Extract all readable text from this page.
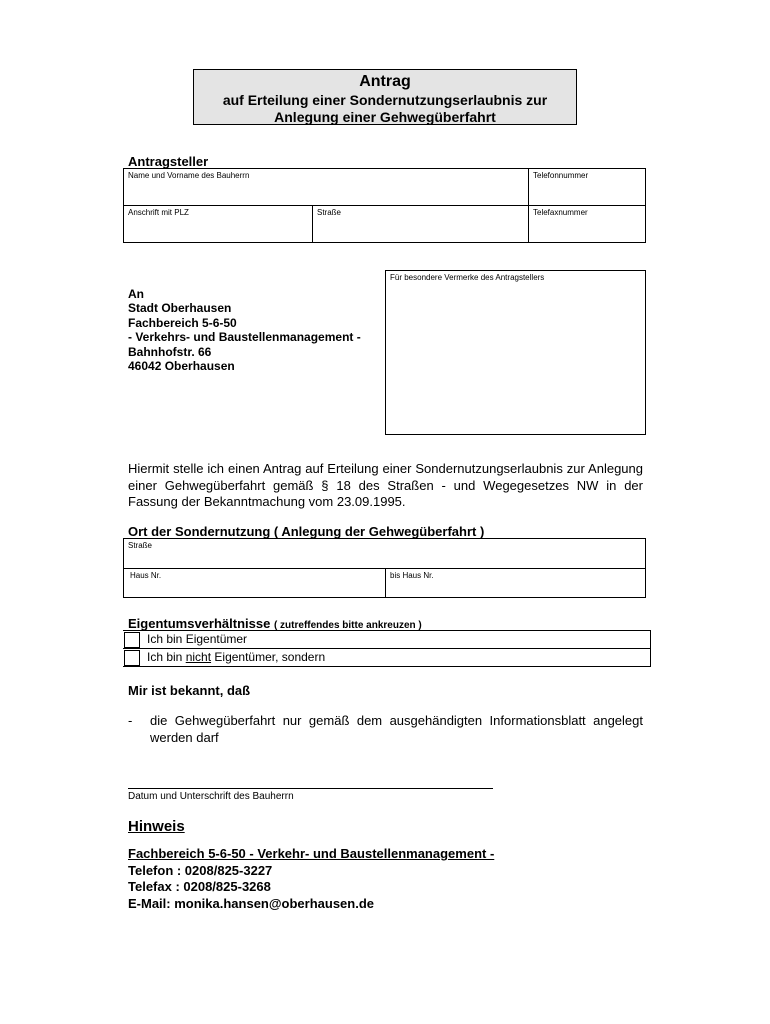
Antrag
auf Erteilung einer Sondernutzungserlaubnis zur
Anlegung einer Gehwegüberfahrt
Antragsteller
Name und Vorname des Bauherrn	Telefonnummer
Anschrift mit PLZ	Straße	Telefaxnummer
Für besondere Vermerke des Antragstellers
An
Stadt Oberhausen
Fachbereich 5-6-50
- Verkehrs- und Baustellenmanagement -
Bahnhofstr. 66
46042 Oberhausen
Hiermit stelle ich einen Antrag auf Erteilung einer Sondernutzungserlaubnis zur Anlegung einer Gehwegüberfahrt gemäß § 18 des Straßen - und Wegegesetzes NW in der Fassung der Bekanntmachung vom 23.09.1995.
Ort der Sondernutzung ( Anlegung der Gehwegüberfahrt )
Straße
Haus Nr.	bis Haus Nr.
Eigentumsverhältnisse ( zutreffendes bitte ankreuzen )
Ich bin Eigentümer
Ich bin nicht Eigentümer, sondern
Mir ist bekannt, daß
- die Gehwegüberfahrt nur gemäß dem ausgehändigten Informationsblatt angelegt werden darf
Datum und Unterschrift des Bauherrn
Hinweis
Fachbereich 5-6-50 - Verkehr- und Baustellenmanagement -
Telefon : 0208/825-3227
Telefax : 0208/825-3268
E-Mail: monika.hansen@oberhausen.de
